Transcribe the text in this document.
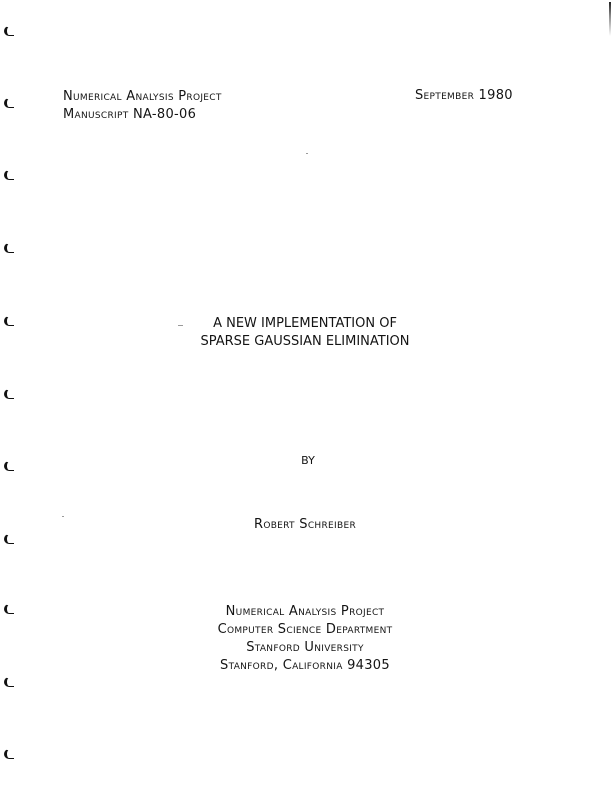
Numerical Analysis Project
Manuscript NA-80-06
September 1980
A NEW IMPLEMENTATION OF
SPARSE GAUSSIAN ELIMINATION
BY
Robert Schreiber
Numerical Analysis Project
Computer Science Department
Stanford University
Stanford, California 94305
